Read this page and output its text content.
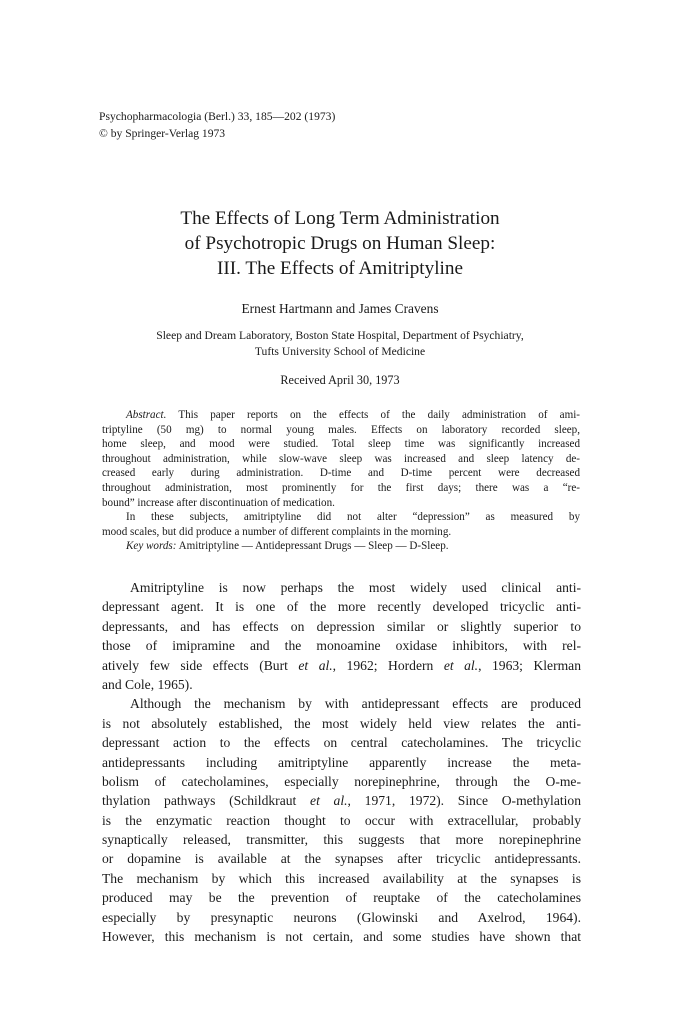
Psychopharmacologia (Berl.) 33, 185—202 (1973)
© by Springer-Verlag 1973
The Effects of Long Term Administration
of Psychotropic Drugs on Human Sleep:
III. The Effects of Amitriptyline
Ernest Hartmann and James Cravens
Sleep and Dream Laboratory, Boston State Hospital, Department of Psychiatry,
Tufts University School of Medicine
Received April 30, 1973
Abstract. This paper reports on the effects of the daily administration of ami-
triptyline (50 mg) to normal young males. Effects on laboratory recorded sleep,
home sleep, and mood were studied. Total sleep time was significantly increased
throughout administration, while slow-wave sleep was increased and sleep latency de-
creased early during administration. D-time and D-time percent were decreased
throughout administration, most prominently for the first days; there was a “re-
bound” increase after discontinuation of medication.
In these subjects, amitriptyline did not alter “depression” as measured by
mood scales, but did produce a number of different complaints in the morning.
Key words: Amitriptyline — Antidepressant Drugs — Sleep — D-Sleep.
Amitriptyline is now perhaps the most widely used clinical anti-
depressant agent. It is one of the more recently developed tricyclic anti-
depressants, and has effects on depression similar or slightly superior to
those of imipramine and the monoamine oxidase inhibitors, with rel-
atively few side effects (Burt et al., 1962; Hordern et al., 1963; Klerman
and Cole, 1965).
Although the mechanism by with antidepressant effects are produced
is not absolutely established, the most widely held view relates the anti-
depressant action to the effects on central catecholamines. The tricyclic
antidepressants including amitriptyline apparently increase the meta-
bolism of catecholamines, especially norepinephrine, through the O-me-
thylation pathways (Schildkraut et al., 1971, 1972). Since O-methylation
is the enzymatic reaction thought to occur with extracellular, probably
synaptically released, transmitter, this suggests that more norepinephrine
or dopamine is available at the synapses after tricyclic antidepressants.
The mechanism by which this increased availability at the synapses is
produced may be the prevention of reuptake of the catecholamines
especially by presynaptic neurons (Glowinski and Axelrod, 1964).
However, this mechanism is not certain, and some studies have shown that
